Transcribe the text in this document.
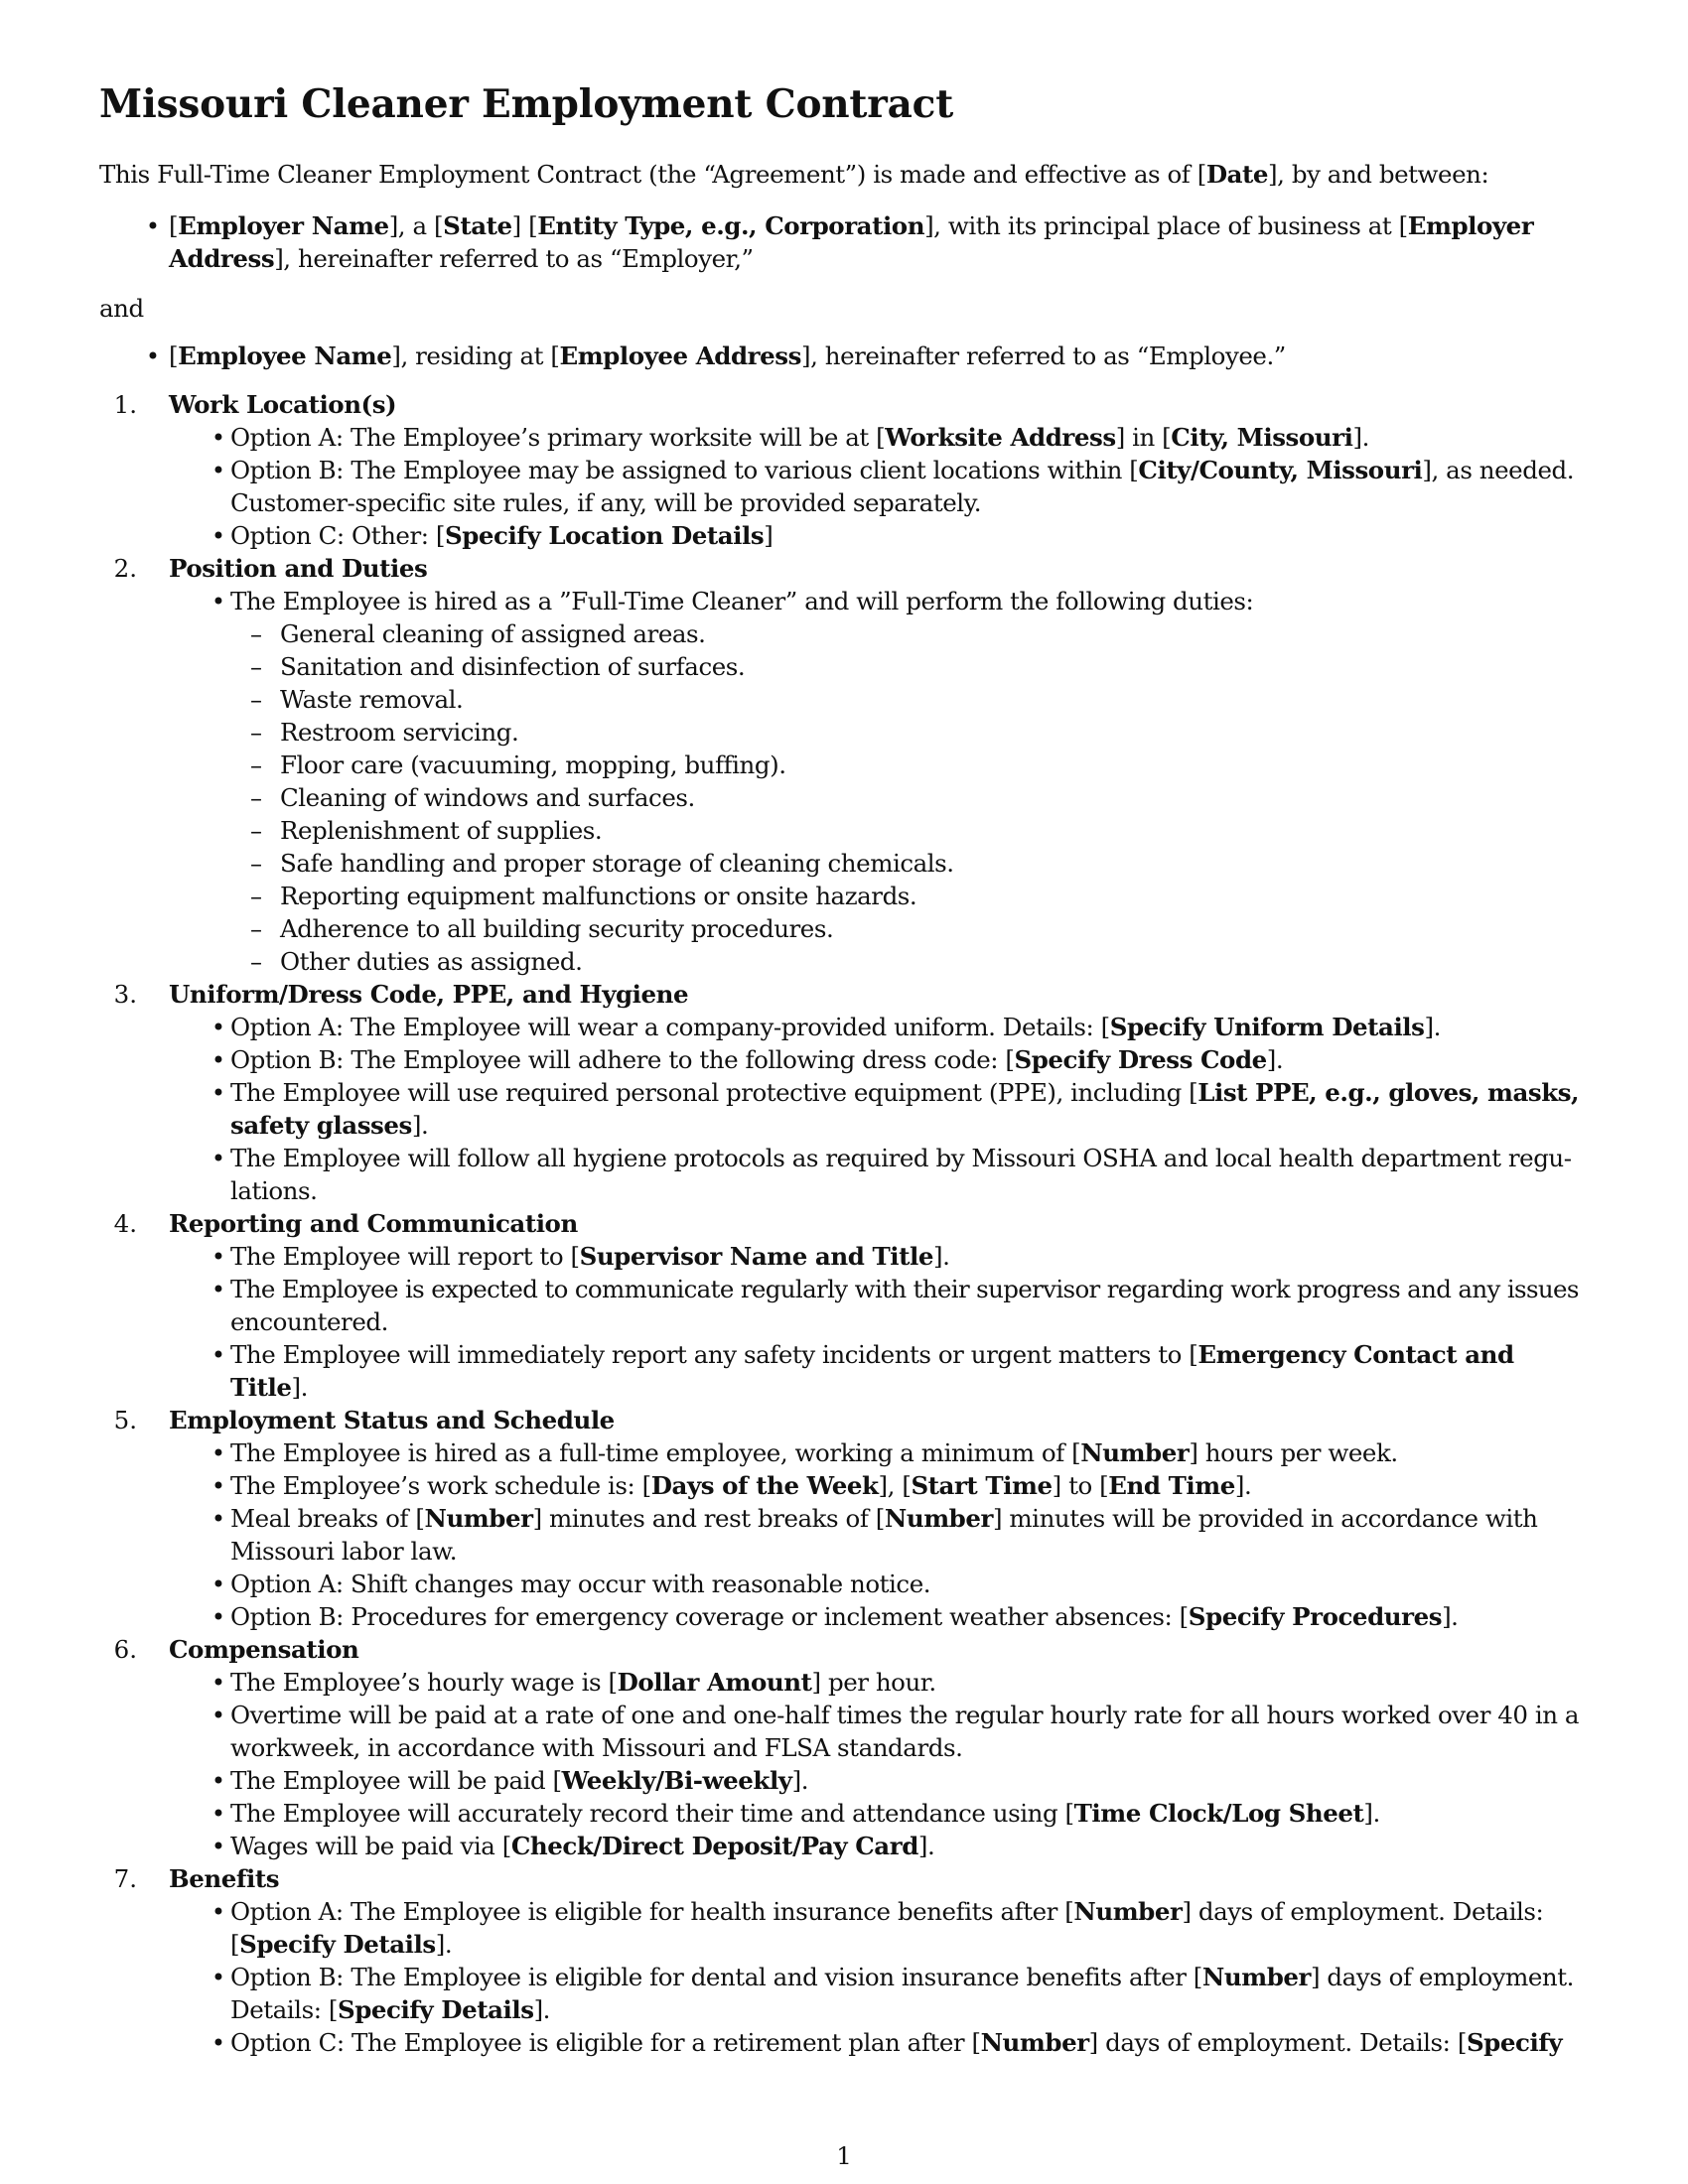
Missouri Cleaner Employment Contract
This Full-Time Cleaner Employment Contract (the “Agreement”) is made and effective as of [Date], by and between:
• [Employer Name], a [State] [Entity Type, e.g., Corporation], with its principal place of business at [Employer
Address], hereinafter referred to as “Employer,”
and
• [Employee Name], residing at [Employee Address], hereinafter referred to as “Employee.”
1. Work Location(s)
• Option A: The Employee’s primary worksite will be at [Worksite Address] in [City, Missouri].
• Option B: The Employee may be assigned to various client locations within [City/County, Missouri], as needed.
Customer-specific site rules, if any, will be provided separately.
• Option C: Other: [Specify Location Details]
2. Position and Duties
• The Employee is hired as a ”Full-Time Cleaner” and will perform the following duties:
– General cleaning of assigned areas.
– Sanitation and disinfection of surfaces.
– Waste removal.
– Restroom servicing.
– Floor care (vacuuming, mopping, buffing).
– Cleaning of windows and surfaces.
– Replenishment of supplies.
– Safe handling and proper storage of cleaning chemicals.
– Reporting equipment malfunctions or onsite hazards.
– Adherence to all building security procedures.
– Other duties as assigned.
3. Uniform/Dress Code, PPE, and Hygiene
• Option A: The Employee will wear a company-provided uniform. Details: [Specify Uniform Details].
• Option B: The Employee will adhere to the following dress code: [Specify Dress Code].
• The Employee will use required personal protective equipment (PPE), including [List PPE, e.g., gloves, masks,
safety glasses].
• The Employee will follow all hygiene protocols as required by Missouri OSHA and local health department regu-
lations.
4. Reporting and Communication
• The Employee will report to [Supervisor Name and Title].
• The Employee is expected to communicate regularly with their supervisor regarding work progress and any issues
encountered.
• The Employee will immediately report any safety incidents or urgent matters to [Emergency Contact and
Title].
5. Employment Status and Schedule
• The Employee is hired as a full-time employee, working a minimum of [Number] hours per week.
• The Employee’s work schedule is: [Days of the Week], [Start Time] to [End Time].
• Meal breaks of [Number] minutes and rest breaks of [Number] minutes will be provided in accordance with
Missouri labor law.
• Option A: Shift changes may occur with reasonable notice.
• Option B: Procedures for emergency coverage or inclement weather absences: [Specify Procedures].
6. Compensation
• The Employee’s hourly wage is [Dollar Amount] per hour.
• Overtime will be paid at a rate of one and one-half times the regular hourly rate for all hours worked over 40 in a
workweek, in accordance with Missouri and FLSA standards.
• The Employee will be paid [Weekly/Bi-weekly].
• The Employee will accurately record their time and attendance using [Time Clock/Log Sheet].
• Wages will be paid via [Check/Direct Deposit/Pay Card].
7. Benefits
• Option A: The Employee is eligible for health insurance benefits after [Number] days of employment. Details:
[Specify Details].
• Option B: The Employee is eligible for dental and vision insurance benefits after [Number] days of employment.
Details: [Specify Details].
• Option C: The Employee is eligible for a retirement plan after [Number] days of employment. Details: [Specify
1
